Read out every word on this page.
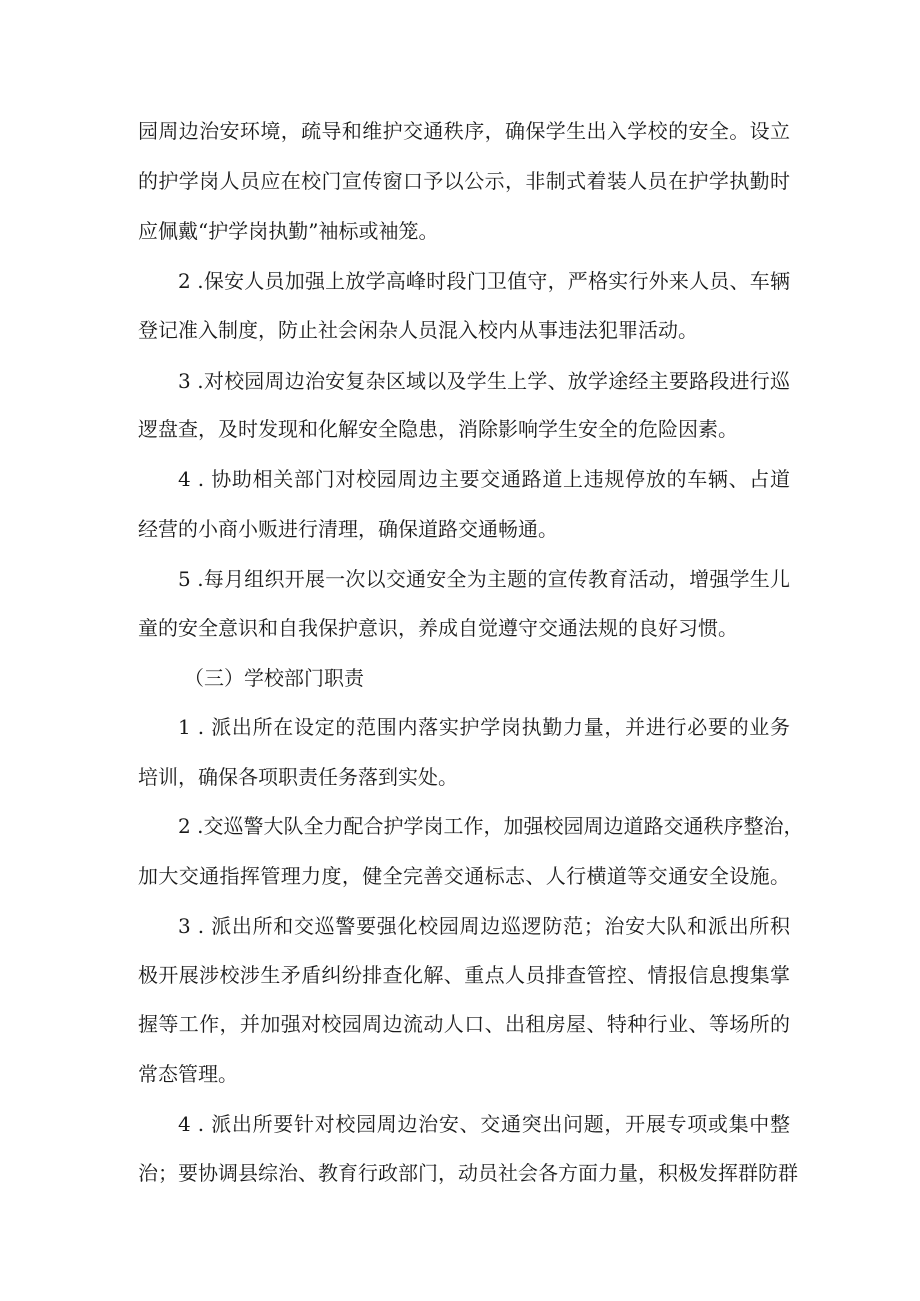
园周边治安环境，疏导和维护交通秩序，确保学生出入学校的安全。设立
的护学岗人员应在校门宣传窗口予以公示，非制式着装人员在护学执勤时
应佩戴“护学岗执勤”袖标或袖笼。
2 .保安人员加强上放学高峰时段门卫值守，严格实行外来人员、车辆
登记准入制度，防止社会闲杂人员混入校内从事违法犯罪活动。
3 .对校园周边治安复杂区域以及学生上学、放学途经主要路段进行巡
逻盘查，及时发现和化解安全隐患，消除影响学生安全的危险因素。
4 . 协助相关部门对校园周边主要交通路道上违规停放的车辆、占道
经营的小商小贩进行清理，确保道路交通畅通。
5 .每月组织开展一次以交通安全为主题的宣传教育活动，增强学生儿
童的安全意识和自我保护意识，养成自觉遵守交通法规的良好习惯。
（三）学校部门职责
1 . 派出所在设定的范围内落实护学岗执勤力量，并进行必要的业务
培训，确保各项职责任务落到实处。
2 .交巡警大队全力配合护学岗工作，加强校园周边道路交通秩序整治，
加大交通指挥管理力度，健全完善交通标志、人行横道等交通安全设施。
3 . 派出所和交巡警要强化校园周边巡逻防范；治安大队和派出所积
极开展涉校涉生矛盾纠纷排查化解、重点人员排查管控、情报信息搜集掌
握等工作，并加强对校园周边流动人口、出租房屋、特种行业、等场所的
常态管理。
4 . 派出所要针对校园周边治安、交通突出问题，开展专项或集中整
治；要协调县综治、教育行政部门，动员社会各方面力量，积极发挥群防群
